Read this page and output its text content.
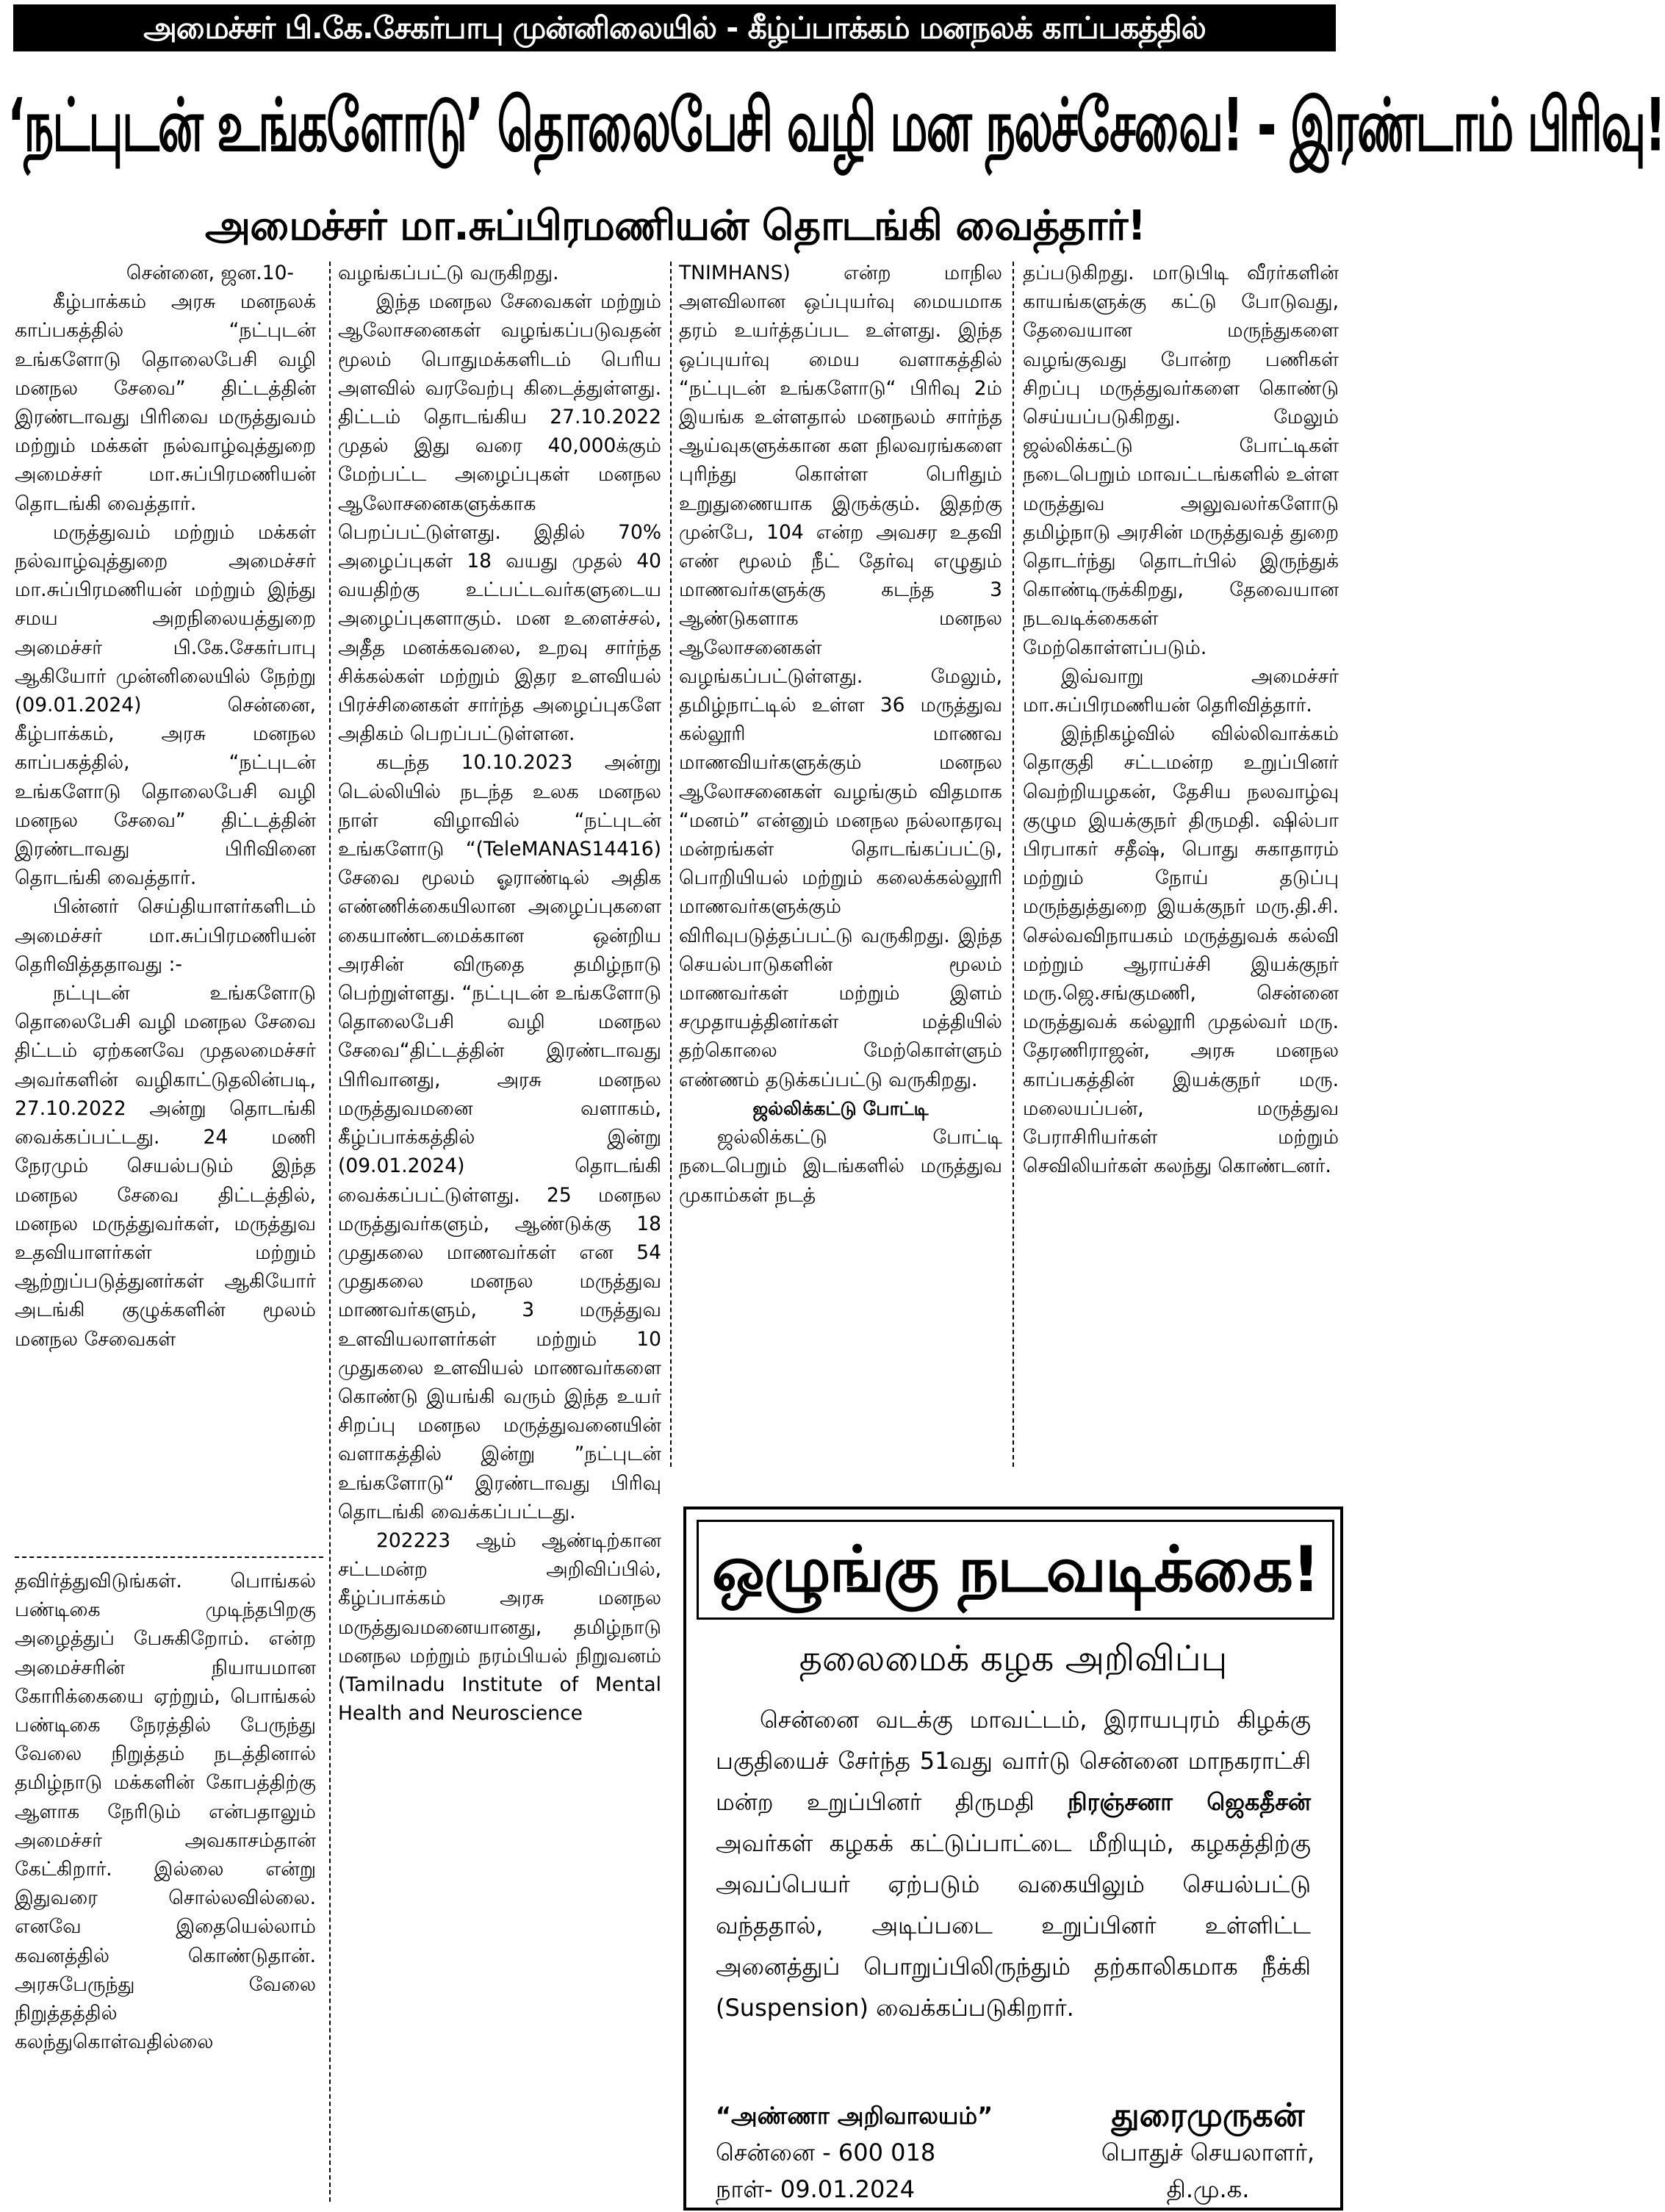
அமைச்சர் பி.கே.சேகர்பாபு முன்னிலையில் - கீழ்ப்பாக்கம் மனநலக் காப்பகத்தில்
‘நட்புடன் உங்களோடு’ தொலைபேசி வழி மன நலச்சேவை! - இரண்டாம் பிரிவு!
அமைச்சர் மா.சுப்பிரமணியன் தொடங்கி வைத்தார்!

சென்னை, ஜன.10-

கீழ்பாக்கம் அரசு மனநலக் காப்பகத்தில் “நட்புடன் உங்களோடு தொலைபேசி வழி மனநல சேவை” திட்டத்தின் இரண்டாவது பிரிவை மருத்துவம் மற்றும் மக்கள் நல்வாழ்வுத்துறை அமைச்சர் மா.சுப்பிரமணியன் தொடங்கி வைத்தார்.

மருத்துவம் மற்றும் மக்கள் நல்வாழ்வுத்துறை அமைச்சர் மா.சுப்பிரமணியன் மற்றும் இந்து சமய அறநிலையத்துறை அமைச்சர் பி.கே.சேகர்பாபு ஆகியோர் முன்னிலையில் நேற்று (09.01.2024) சென்னை, கீழ்பாக்கம், அரசு மனநல காப்பகத்தில், “நட்புடன் உங்களோடு தொலைபேசி வழி மனநல சேவை” திட்டத்தின் இரண்டாவது பிரிவினை தொடங்கி வைத்தார்.

பின்னர் செய்தியாளர்களிடம் அமைச்சர் மா.சுப்பிரமணியன் தெரிவித்ததாவது :-

நட்புடன் உங்களோடு தொலைபேசி வழி மனநல சேவை திட்டம் ஏற்கனவே முதலமைச்சர் அவர்களின் வழிகாட்டுதலின்படி, 27.10.2022 அன்று தொடங்கி வைக்கப்பட்டது. 24 மணி நேரமும் செயல்படும் இந்த மனநல சேவை திட்டத்தில், மனநல மருத்துவர்கள், மருத்துவ உதவியாளர்கள் மற்றும் ஆற்றுப்படுத்துனர்கள் ஆகியோர் அடங்கி குழுக்களின் மூலம் மனநல சேவைகள்

வழங்கப்பட்டு வருகிறது.

இந்த மனநல சேவைகள் மற்றும் ஆலோசனைகள் வழங்கப்படுவதன் மூலம் பொதுமக்களிடம் பெரிய அளவில் வரவேற்பு கிடைத்துள்ளது. திட்டம் தொடங்கிய 27.10.2022 முதல் இது வரை 40,000க்கும் மேற்பட்ட அழைப்புகள் மனநல ஆலோசனைகளுக்காக பெறப்பட்டுள்ளது. இதில் 70% அழைப்புகள் 18 வயது முதல் 40 வயதிற்கு உட்பட்டவர்களுடைய அழைப்புகளாகும். மன உளைச்சல், அதீத மனக்கவலை, உறவு சார்ந்த சிக்கல்கள் மற்றும் இதர உளவியல் பிரச்சினைகள் சார்ந்த அழைப்புகளே அதிகம் பெறப்பட்டுள்ளன.

கடந்த 10.10.2023 அன்று டெல்லியில் நடந்த உலக மனநல நாள் விழாவில் “நட்புடன் உங்களோடு “(TeleMANAS14416) சேவை மூலம் ஓராண்டில் அதிக எண்ணிக்கையிலான அழைப்புகளை கையாண்டமைக்கான ஒன்றிய அரசின் விருதை தமிழ்நாடு பெற்றுள்ளது. “நட்புடன் உங்களோடு தொலைபேசி வழி மனநல சேவை“திட்டத்தின் இரண்டாவது பிரிவானது, அரசு மனநல மருத்துவமனை வளாகம், கீழ்ப்பாக்கத்தில் இன்று (09.01.2024) தொடங்கி வைக்கப்பட்டுள்ளது. 25 மனநல மருத்துவர்களும், ஆண்டுக்கு 18 முதுகலை மாணவர்கள் என 54 முதுகலை மனநல மருத்துவ மாணவர்களும், 3 மருத்துவ உளவியலாளர்கள் மற்றும் 10 முதுகலை உளவியல் மாணவர்களை கொண்டு இயங்கி வரும் இந்த உயர் சிறப்பு மனநல மருத்துவனையின் வளாகத்தில் இன்று ”நட்புடன் உங்களோடு“ இரண்டாவது பிரிவு தொடங்கி வைக்கப்பட்டது.

202223 ஆம் ஆண்டிற்கான சட்டமன்ற அறிவிப்பில், கீழ்ப்பாக்கம் அரசு மனநல மருத்துவமனையானது, தமிழ்நாடு மனநல மற்றும் நரம்பியல் நிறுவனம் (Tamilnadu Institute of Mental Health and Neuroscience

TNIMHANS) என்ற மாநில அளவிலான ஒப்புயர்வு மையமாக தரம் உயர்த்தப்பட உள்ளது. இந்த ஒப்புயர்வு மைய வளாகத்தில் “நட்புடன் உங்களோடு“ பிரிவு 2ம் இயங்க உள்ளதால் மனநலம் சார்ந்த ஆய்வுகளுக்கான கள நிலவரங்களை புரிந்து கொள்ள பெரிதும் உறுதுணையாக இருக்கும். இதற்கு முன்பே, 104 என்ற அவசர உதவி எண் மூலம் நீட் தேர்வு எழுதும் மாணவர்களுக்கு கடந்த 3 ஆண்டுகளாக மனநல ஆலோசனைகள் வழங்கப்பட்டுள்ளது. மேலும், தமிழ்நாட்டில் உள்ள 36 மருத்துவ கல்லூரி மாணவ மாணவியர்களுக்கும் மனநல ஆலோசனைகள் வழங்கும் விதமாக “மனம்” என்னும் மனநல நல்லாதரவு மன்றங்கள் தொடங்கப்பட்டு, பொறியியல் மற்றும் கலைக்கல்லூரி மாணவர்களுக்கும் விரிவுபடுத்தப்பட்டு வருகிறது. இந்த செயல்பாடுகளின் மூலம் மாணவர்கள் மற்றும் இளம் சமுதாயத்தினர்கள் மத்தியில் தற்கொலை மேற்கொள்ளும் எண்ணம் தடுக்கப்பட்டு வருகிறது.

ஜல்லிக்கட்டு போட்டி

ஜல்லிக்கட்டு போட்டி நடைபெறும் இடங்களில் மருத்துவ முகாம்கள் நடத்

தப்படுகிறது. மாடுபிடி வீரர்களின் காயங்களுக்கு கட்டு போடுவது, தேவையான மருந்துகளை வழங்குவது போன்ற பணிகள் சிறப்பு மருத்துவர்களை கொண்டு செய்யப்படுகிறது. மேலும் ஜல்லிக்கட்டு போட்டிகள் நடைபெறும் மாவட்டங்களில் உள்ள மருத்துவ அலுவலர்களோடு தமிழ்நாடு அரசின் மருத்துவத் துறை தொடர்ந்து தொடர்பில் இருந்துக் கொண்டிருக்கிறது, தேவையான நடவடிக்கைகள் மேற்கொள்ளப்படும்.

இவ்வாறு அமைச்சர் மா.சுப்பிரமணியன் தெரிவித்தார்.

இந்நிகழ்வில் வில்லிவாக்கம் தொகுதி சட்டமன்ற உறுப்பினர் வெற்றியழகன், தேசிய நலவாழ்வு குழும இயக்குநர் திருமதி. ஷில்பா பிரபாகர் சதீஷ், பொது சுகாதாரம் மற்றும் நோய் தடுப்பு மருந்துத்துறை இயக்குநர் மரு.தி.சி. செல்வவிநாயகம் மருத்துவக் கல்வி மற்றும் ஆராய்ச்சி இயக்குநர் மரு.ஜெ.சங்குமணி, சென்னை மருத்துவக் கல்லூரி முதல்வர் மரு. தேரணிராஜன், அரசு மனநல காப்பகத்தின் இயக்குநர் மரு. மலையப்பன், மருத்துவ பேராசிரியர்கள் மற்றும் செவிலியர்கள் கலந்து கொண்டனர்.

தவிர்த்துவிடுங்கள். பொங்கல் பண்டிகை முடிந்தபிறகு அழைத்துப் பேசுகிறோம். என்ற அமைச்சரின் நியாயமான கோரிக்கையை ஏற்றும், பொங்கல் பண்டிகை நேரத்தில் பேருந்து வேலை நிறுத்தம் நடத்தினால் தமிழ்நாடு மக்களின் கோபத்திற்கு ஆளாக நேரிடும் என்பதாலும் அமைச்சர் அவகாசம்தான் கேட்கிறார். இல்லை என்று இதுவரை சொல்லவில்லை. எனவே இதையெல்லாம் கவனத்தில் கொண்டுதான். அரசுபேருந்து வேலை நிறுத்தத்தில் கலந்துகொள்வதில்லை

ஒழுங்கு நடவடிக்கை!
தலைமைக் கழக அறிவிப்பு
சென்னை வடக்கு மாவட்டம், இராயபுரம் கிழக்கு பகுதியைச் சேர்ந்த 51வது வார்டு சென்னை மாநகராட்சி மன்ற உறுப்பினர் திருமதி நிரஞ்சனா ஜெகதீசன் அவர்கள் கழகக் கட்டுப்பாட்டை மீறியும், கழகத்திற்கு அவப்பெயர் ஏற்படும் வகையிலும் செயல்பட்டு வந்ததால், அடிப்படை உறுப்பினர் உள்ளிட்ட அனைத்துப் பொறுப்பிலிருந்தும் தற்காலிகமாக நீக்கி (Suspension) வைக்கப்படுகிறார்.
“அண்ணா அறிவாலயம்”
சென்னை - 600 018
நாள்- 09.01.2024
துரைமுருகன்
பொதுச் செயலாளர்,
தி.மு.க.
